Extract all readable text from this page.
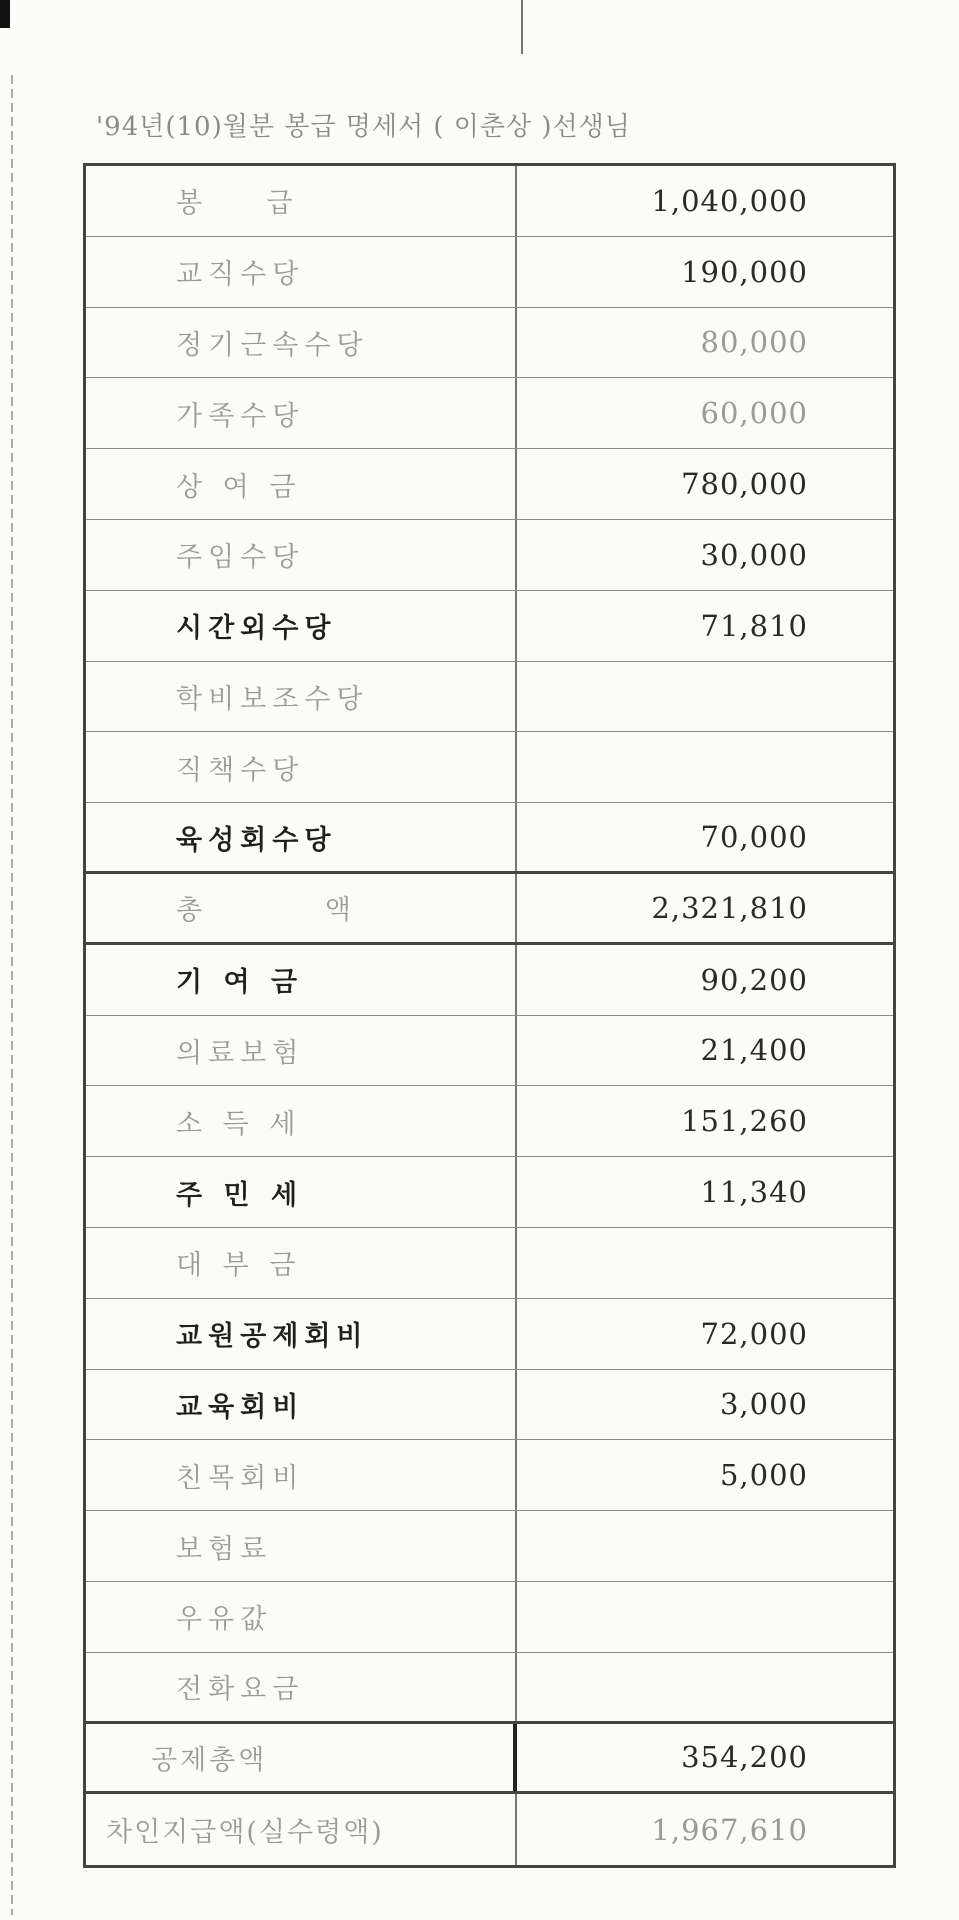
'94년(10)월분 봉급 명세서 ( 이춘상 )선생님
봉    급	1,040,000
교직수당	190,000
정기근속수당	80,000
가족수당	60,000
상 여 금	780,000
주임수당	30,000
시간외수당	71,810
학비보조수당
직책수당
육성회수당	70,000
총        액	2,321,810
기 여 금	90,200
의료보험	21,400
소 득 세	151,260
주 민 세	11,340
대 부 금
교원공제회비	72,000
교육회비	3,000
친목회비	5,000
보험료
우유값
전화요금
공제총액	354,200
차인지급액(실수령액)	1,967,610
